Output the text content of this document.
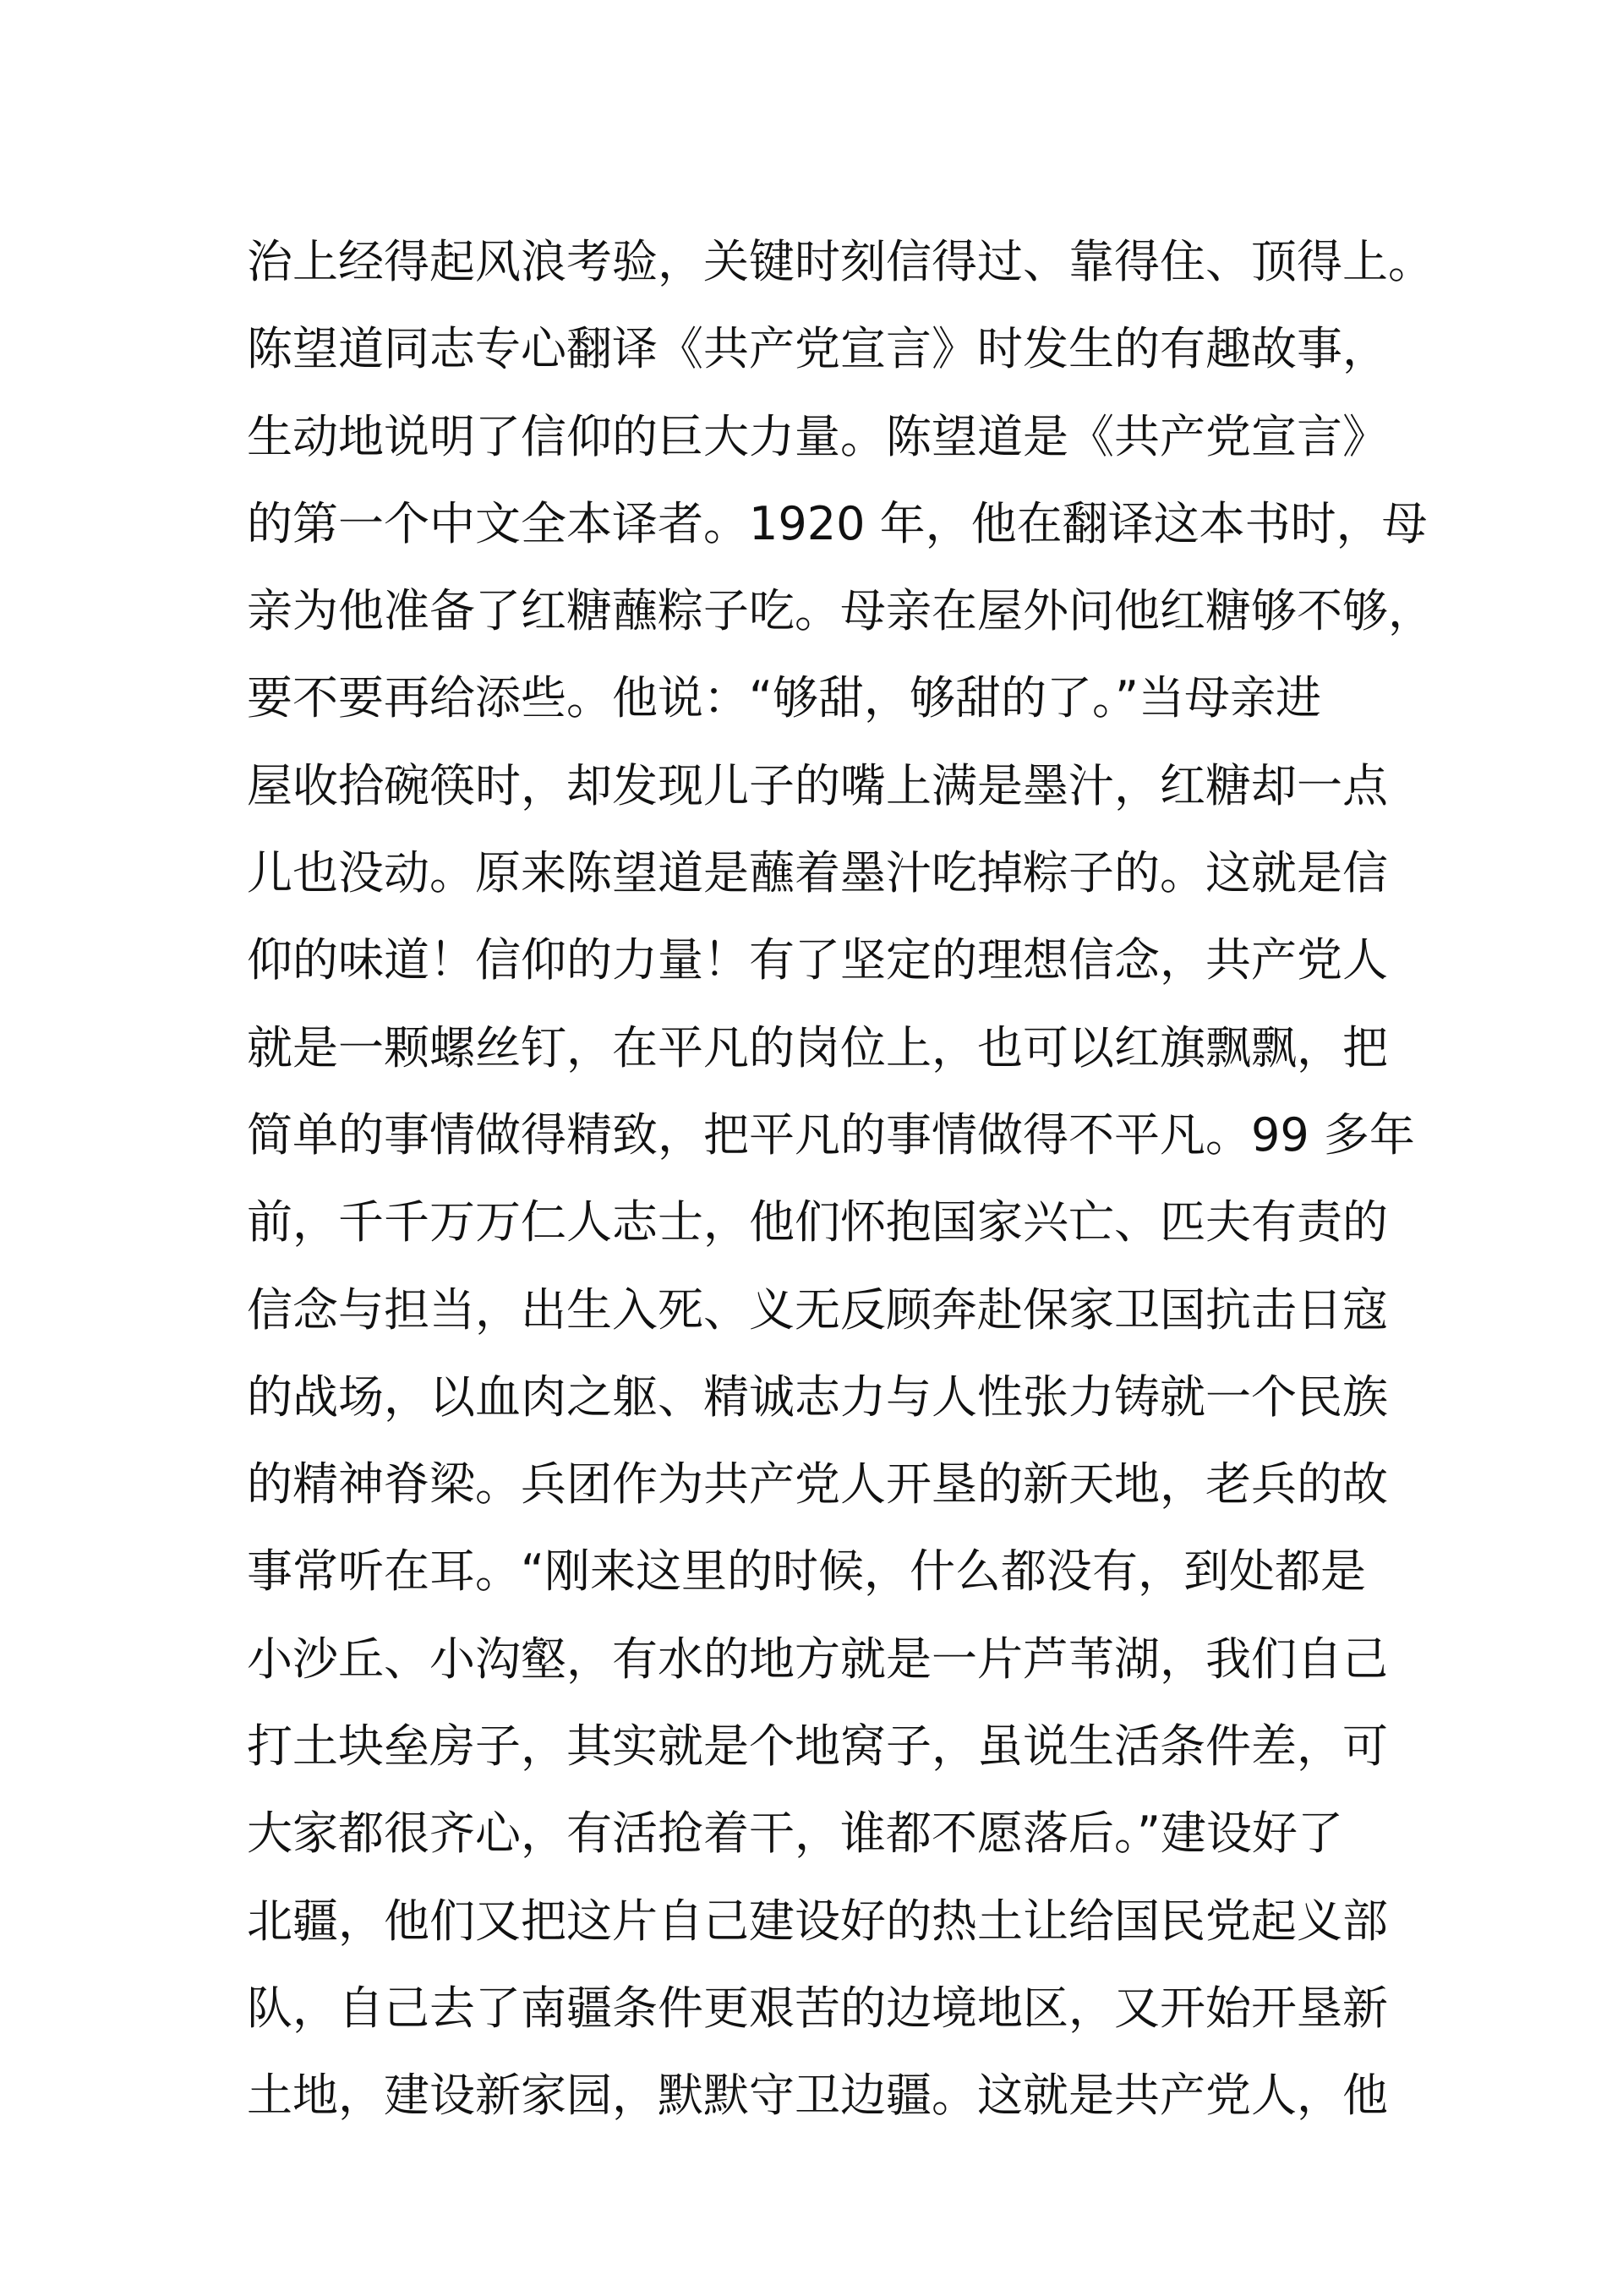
治上经得起风浪考验，关键时刻信得过、靠得住、顶得上。
陈望道同志专心翻译《共产党宣言》时发生的有趣故事，
生动地说明了信仰的巨大力量。陈望道是《共产党宣言》
的第一个中文全本译者。1920 年，他在翻译这本书时，母
亲为他准备了红糖蘸粽子吃。母亲在屋外问他红糖够不够，
要不要再给添些。他说：“够甜，够甜的了。”当母亲进
屋收拾碗筷时，却发现儿子的嘴上满是墨汁，红糖却一点
儿也没动。原来陈望道是蘸着墨汁吃掉粽子的。这就是信
仰的味道！信仰的力量！有了坚定的理想信念，共产党人
就是一颗螺丝钉，在平凡的岗位上，也可以红旗飘飘，把
简单的事情做得精致，把平凡的事情做得不平凡。99 多年
前，千千万万仁人志士，他们怀抱国家兴亡、匹夫有责的
信念与担当，出生入死、义无反顾奔赴保家卫国抗击日寇
的战场，以血肉之躯、精诚志力与人性张力铸就一个民族
的精神脊梁。兵团作为共产党人开垦的新天地，老兵的故
事常听在耳。“刚来这里的时候，什么都没有，到处都是
小沙丘、小沟壑，有水的地方就是一片芦苇湖，我们自己
打土块垒房子，其实就是个地窝子，虽说生活条件差，可
大家都很齐心，有活抢着干，谁都不愿落后。”建设好了
北疆，他们又把这片自己建设好的热土让给国民党起义部
队，自己去了南疆条件更艰苦的边境地区，又开始开垦新
土地，建设新家园，默默守卫边疆。这就是共产党人，他
